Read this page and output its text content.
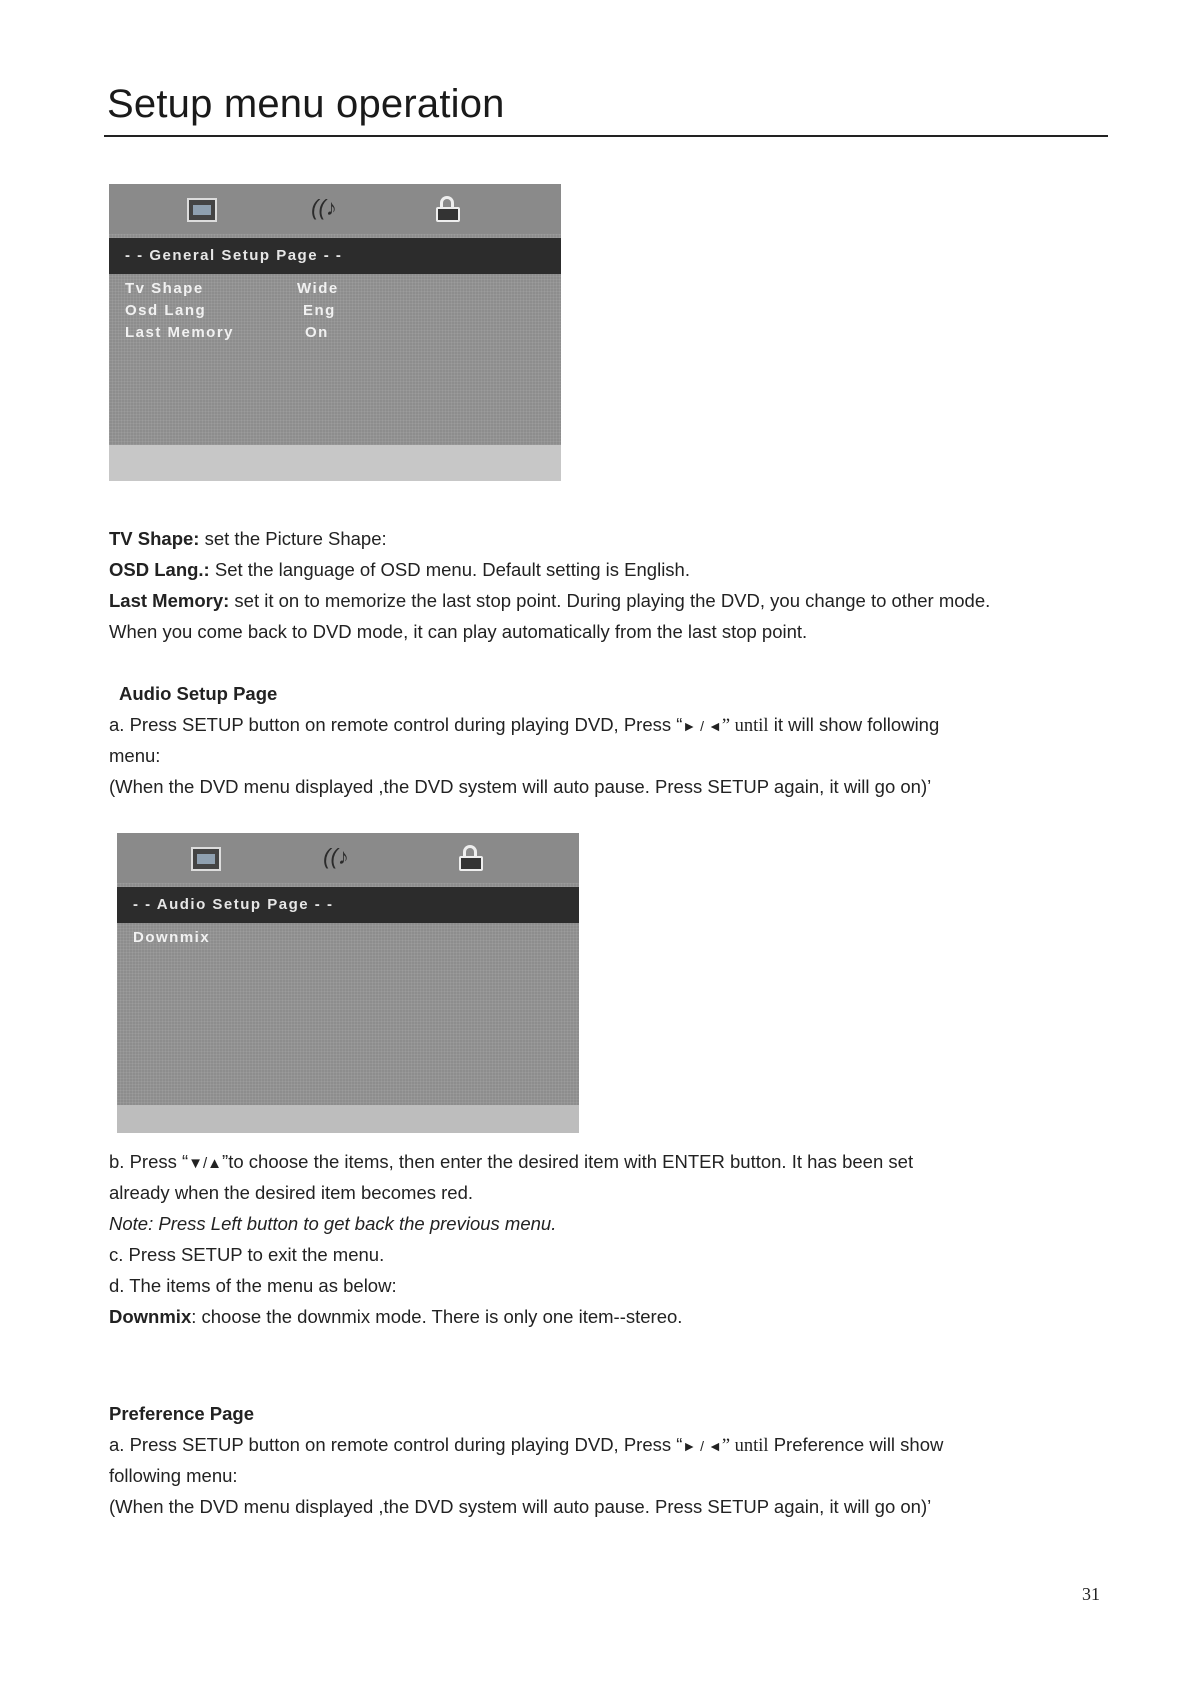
Setup menu operation
((♪
- - General Setup Page - -
Tv Shape	Wide
Osd Lang	Eng
Last Memory	On
TV Shape: set the Picture Shape:
OSD Lang.: Set the language of OSD menu. Default setting is English.
Last Memory: set it on to memorize the last stop point. During playing the DVD, you change to other mode.
When you come back to DVD mode, it can play automatically from the last stop point.
Audio Setup Page
a. Press SETUP button on remote control during playing DVD, Press “► / ◄” until it will show following
menu:
(When the DVD menu displayed ,the DVD system will auto pause. Press SETUP again, it will go on)’
((♪
- - Audio Setup Page - -
Downmix
b. Press “▼/▲”to choose the items, then enter the desired item with ENTER button. It has been set
already when the desired item becomes red.
Note: Press Left button to get back the previous menu.
c. Press SETUP to exit the menu.
d. The items of the menu as below:
Downmix: choose the downmix mode. There is only one item--stereo.
Preference Page
a. Press SETUP button on remote control during playing DVD, Press “► / ◄” until Preference will show
following menu:
(When the DVD menu displayed ,the DVD system will auto pause. Press SETUP again, it will go on)’
31
